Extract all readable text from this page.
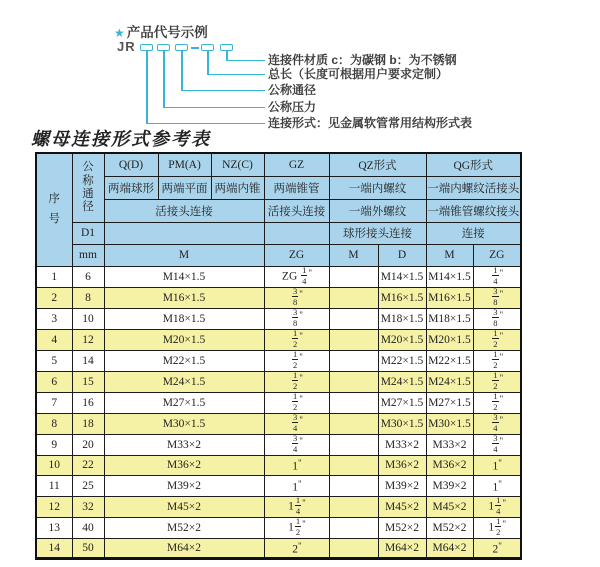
★ 产品代号示例
JR
连接件材质 c：为碳钢 b：为不锈钢
总长（长度可根据用户要求定制）
公称通径
公称压力
连接形式：见金属软管常用结构形式表
螺母连接形式参考表
序
号	公
称
通
径	Q(D)	PM(A)	NZ(C)	GZ	QZ形式		QG形式	
		两端球形	两端平面	两端内锥	两端锥管	一端内螺纹		一端内螺纹活接头	
		活接头连接			活接头连接	一端外螺纹		一端锥管螺纹接头	
	D1					球形接头连接		连接	
	mm	M			ZG	M	D	M	ZG
1	6	M14×1.5			ZG $\frac{1}{4} ^"$		M14×1.5	M14×1.5	$\frac{1}{4} ^"$
2	8	M16×1.5			$\frac{3}{8} ^"$		M16×1.5	M16×1.5	$\frac{3}{8} ^"$
3	10	M18×1.5			$\frac{3}{8} ^"$		M18×1.5	M18×1.5	$\frac{3}{8} ^"$
4	12	M20×1.5			$\frac{1}{2} ^"$		M20×1.5	M20×1.5	$\frac{1}{2} ^"$
5	14	M22×1.5			$\frac{1}{2} ^"$		M22×1.5	M22×1.5	$\frac{1}{2} ^"$
6	15	M24×1.5			$\frac{1}{2} ^"$		M24×1.5	M24×1.5	$\frac{1}{2} ^"$
7	16	M27×1.5			$\frac{1}{2} ^"$		M27×1.5	M27×1.5	$\frac{1}{2} ^"$
8	18	M30×1.5			$\frac{3}{4} ^"$		M30×1.5	M30×1.5	$\frac{3}{4} ^"$
9	20	M33×2			$\frac{3}{4} ^"$		M33×2	M33×2	$\frac{3}{4} ^"$
10	22	M36×2			1"		M36×2	M36×2	1"
11	25	M39×2			1"		M39×2	M39×2	1"
12	32	M45×2			$1 \frac{1}{4} ^"$		M45×2	M45×2	$1 \frac{1}{4} ^"$
13	40	M52×2			$1 \frac{1}{2} ^"$		M52×2	M52×2	$1 \frac{1}{2} ^"$
14	50	M64×2			2"		M64×2	M64×2	2"
